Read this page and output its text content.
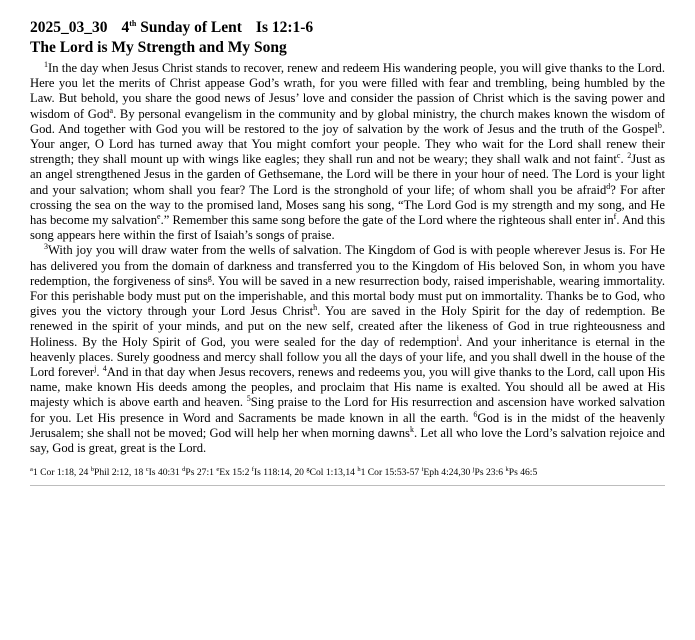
2025_03_30 4th Sunday of Lent Is 12:1-6
The Lord is My Strength and My Song

$^1$In the day when Jesus Christ stands to recover, renew and redeem His wandering people, you will give thanks to the Lord. Here you let the merits of Christ appease God’s wrath, for you were filled with fear and trembling, being humbled by the Law. But behold, you share the good news of Jesus’ love and consider the passion of Christ which is the saving power and wisdom of God$^a$. By personal evangelism in the community and by global ministry, the church makes known the wisdom of God. And together with God you will be restored to the joy of salvation by the work of Jesus and the truth of the Gospel$^b$. Your anger, O Lord has turned away that You might comfort your people. They who wait for the Lord shall renew their strength; they shall mount up with wings like eagles; they shall run and not be weary; they shall walk and not faint$^c$. $^2$Just as an angel strengthened Jesus in the garden of Gethsemane, the Lord will be there in your hour of need. The Lord is your light and your salvation; whom shall you fear? The Lord is the stronghold of your life; of whom shall you be afraid$^d$? For after crossing the sea on the way to the promised land, Moses sang his song, “The Lord God is my strength and my song, and He has become my salvation$^e$.” Remember this same song before the gate of the Lord where the righteous shall enter $in^f$. And this song appears here within the first of Isaiah’s songs of praise.

$^3$With joy you will draw water from the wells of salvation. The Kingdom of God is with people wherever Jesus is. For He has delivered you from the domain of darkness and transferred you to the Kingdom of His beloved Son, in whom you have redemption, the forgiveness of sins$^g$. You will be saved in a new resurrection body, raised imperishable, wearing immortality. For this perishable body must put on the imperishable, and this mortal body must put on immortality. Thanks be to God, who gives you the victory through your Lord Jesus Christ$^h$. You are saved in the Holy Spirit for the day of redemption. Be renewed in the spirit of your minds, and put on the new self, created after the likeness of God in true righteousness and Holiness. By the Holy Spirit of God, you were sealed for the day of redemption$^i$. And your inheritance is eternal in the heavenly places. Surely goodness and mercy shall follow you all the days of your life, and you shall dwell in the house of the Lord forever$^j$. $^4$And in that day when Jesus recovers, renews and redeems you, you will give thanks to the Lord, call upon His name, make known His deeds among the peoples, and proclaim that His name is exalted. You should all be awed at His majesty which is above earth and heaven. $^5$Sing praise to the Lord for His resurrection and ascension have worked salvation for you. Let His presence in Word and Sacraments be made known in all the earth. $^6$God is in the midst of the heavenly Jerusalem; she shall not be moved; God will help her when morning dawns$^k$. Let all who love the Lord’s salvation rejoice and say, God is great, great is the Lord.

$^a$1 Cor 1:18, 24 $^b$Phil 2:12, 18 $^c$Is 40:31 $^d$Ps 27:1 $^e$Ex 15:2 $^f$Is 118:14, 20 $^g$Col 1:13,14 $^h$1 Cor 15:53-57 $^i$Eph 4:24,30 $^j$Ps 23:6 $^k$Ps 46:5
